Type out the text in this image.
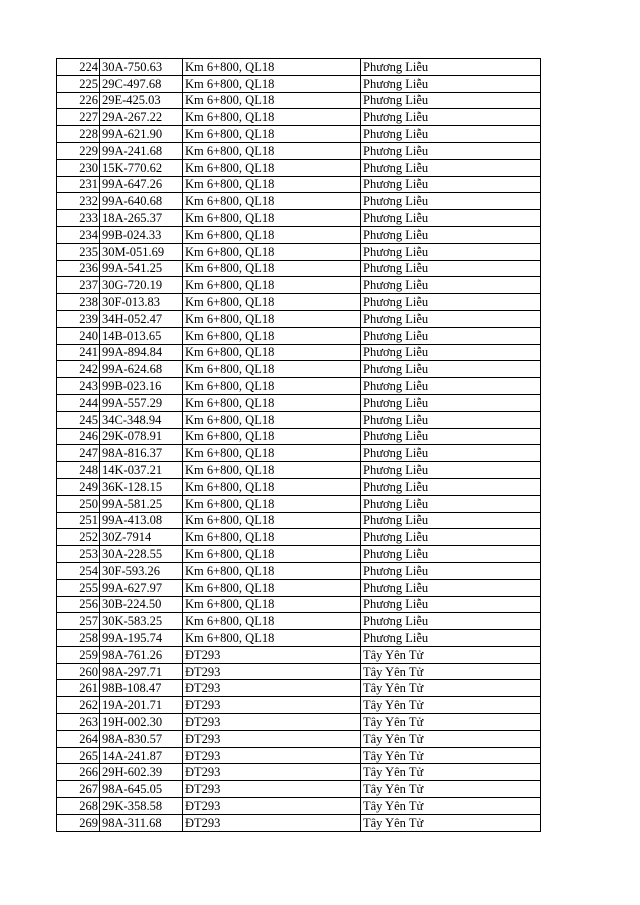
224	30A-750.63	Km 6+800, QL18	Phương Liễu
225	29C-497.68	Km 6+800, QL18	Phương Liễu
226	29E-425.03	Km 6+800, QL18	Phương Liễu
227	29A-267.22	Km 6+800, QL18	Phương Liễu
228	99A-621.90	Km 6+800, QL18	Phương Liễu
229	99A-241.68	Km 6+800, QL18	Phương Liễu
230	15K-770.62	Km 6+800, QL18	Phương Liễu
231	99A-647.26	Km 6+800, QL18	Phương Liễu
232	99A-640.68	Km 6+800, QL18	Phương Liễu
233	18A-265.37	Km 6+800, QL18	Phương Liễu
234	99B-024.33	Km 6+800, QL18	Phương Liễu
235	30M-051.69	Km 6+800, QL18	Phương Liễu
236	99A-541.25	Km 6+800, QL18	Phương Liễu
237	30G-720.19	Km 6+800, QL18	Phương Liễu
238	30F-013.83	Km 6+800, QL18	Phương Liễu
239	34H-052.47	Km 6+800, QL18	Phương Liễu
240	14B-013.65	Km 6+800, QL18	Phương Liễu
241	99A-894.84	Km 6+800, QL18	Phương Liễu
242	99A-624.68	Km 6+800, QL18	Phương Liễu
243	99B-023.16	Km 6+800, QL18	Phương Liễu
244	99A-557.29	Km 6+800, QL18	Phương Liễu
245	34C-348.94	Km 6+800, QL18	Phương Liễu
246	29K-078.91	Km 6+800, QL18	Phương Liễu
247	98A-816.37	Km 6+800, QL18	Phương Liễu
248	14K-037.21	Km 6+800, QL18	Phương Liễu
249	36K-128.15	Km 6+800, QL18	Phương Liễu
250	99A-581.25	Km 6+800, QL18	Phương Liễu
251	99A-413.08	Km 6+800, QL18	Phương Liễu
252	30Z-7914	Km 6+800, QL18	Phương Liễu
253	30A-228.55	Km 6+800, QL18	Phương Liễu
254	30F-593.26	Km 6+800, QL18	Phương Liễu
255	99A-627.97	Km 6+800, QL18	Phương Liễu
256	30B-224.50	Km 6+800, QL18	Phương Liễu
257	30K-583.25	Km 6+800, QL18	Phương Liễu
258	99A-195.74	Km 6+800, QL18	Phương Liễu
259	98A-761.26	ĐT293	Tây Yên Tử
260	98A-297.71	ĐT293	Tây Yên Tử
261	98B-108.47	ĐT293	Tây Yên Tử
262	19A-201.71	ĐT293	Tây Yên Tử
263	19H-002.30	ĐT293	Tây Yên Tử
264	98A-830.57	ĐT293	Tây Yên Tử
265	14A-241.87	ĐT293	Tây Yên Tử
266	29H-602.39	ĐT293	Tây Yên Tử
267	98A-645.05	ĐT293	Tây Yên Tử
268	29K-358.58	ĐT293	Tây Yên Tử
269	98A-311.68	ĐT293	Tây Yên Tử
